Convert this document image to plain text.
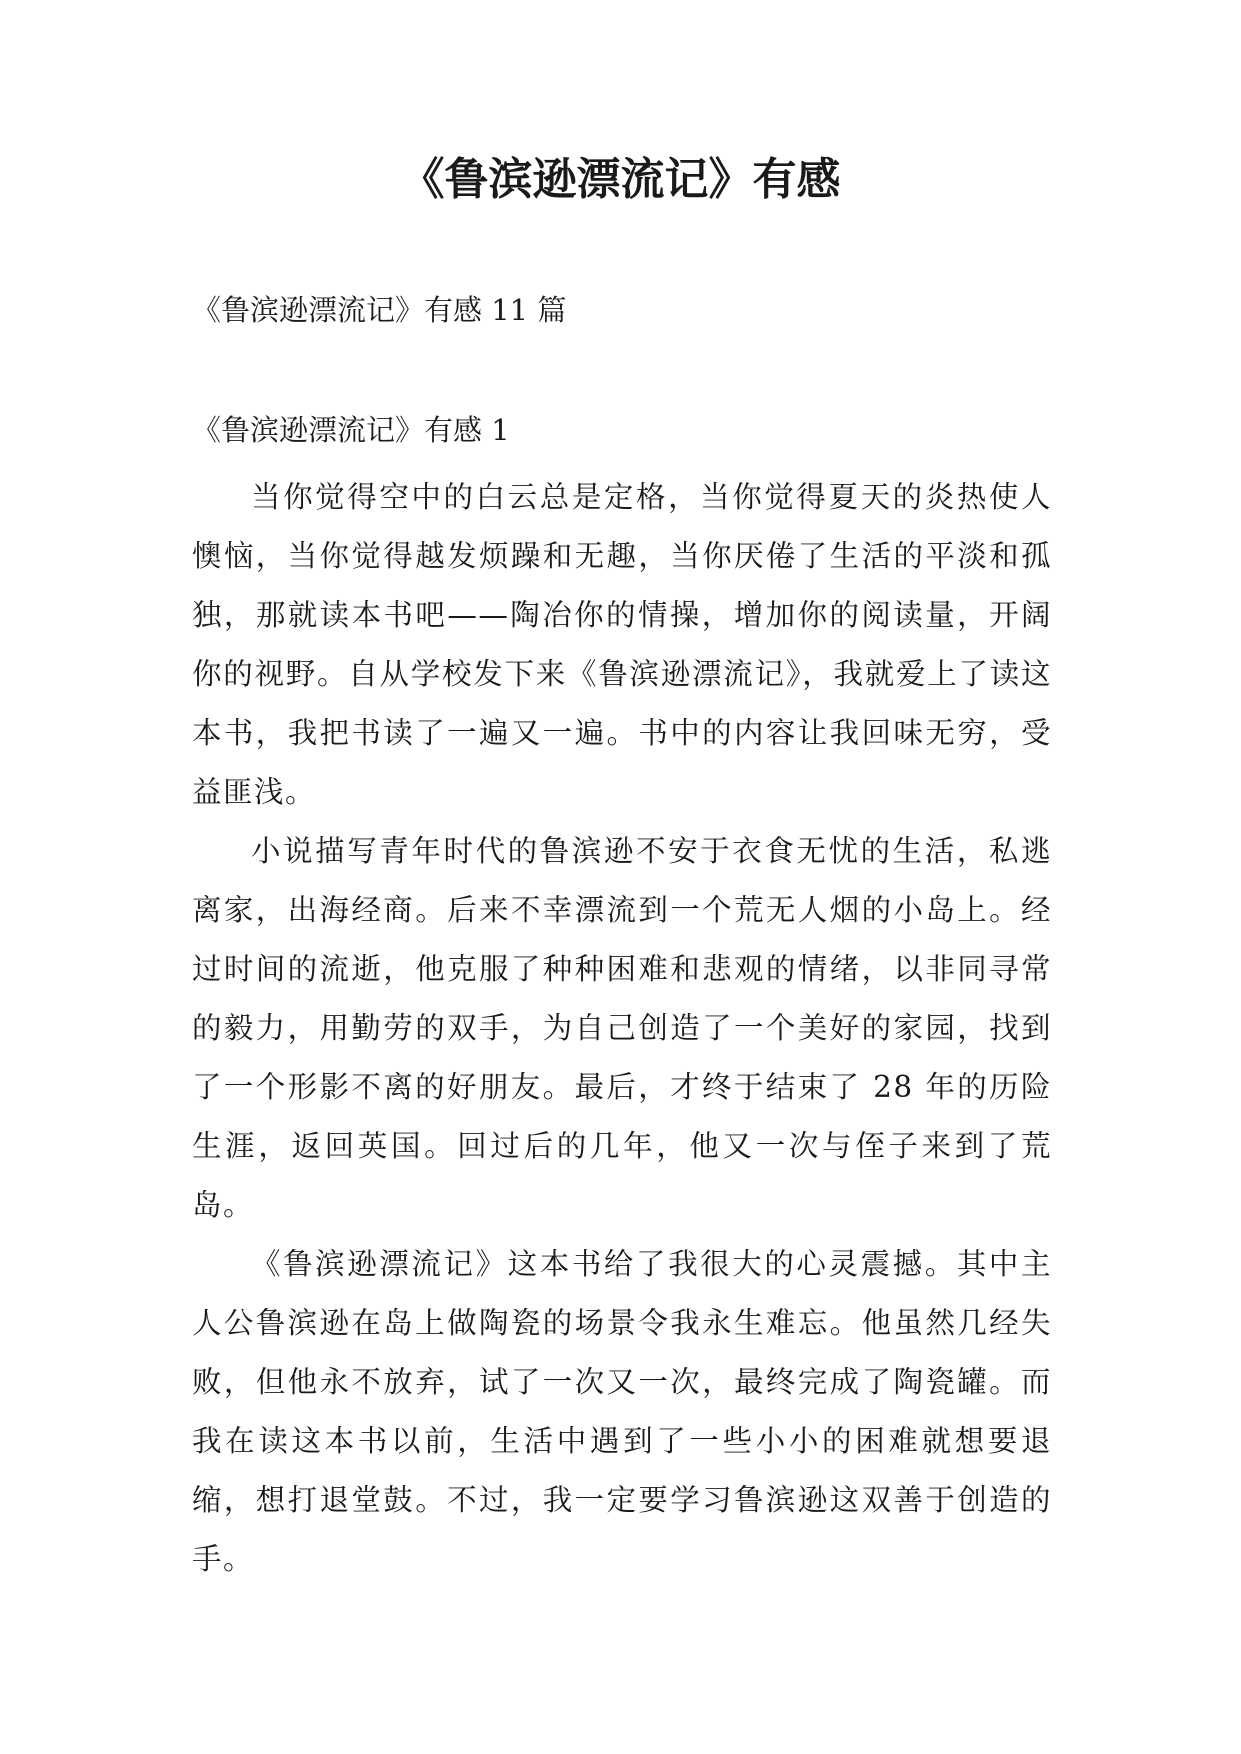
《鲁滨逊漂流记》有感

《鲁滨逊漂流记》有感 11 篇

《鲁滨逊漂流记》有感 1

当你觉得空中的白云总是定格，当你觉得夏天的炎热使人懊恼，当你觉得越发烦躁和无趣，当你厌倦了生活的平淡和孤独，那就读本书吧——陶冶你的情操，增加你的阅读量，开阔你的视野。自从学校发下来《鲁滨逊漂流记》，我就爱上了读这本书，我把书读了一遍又一遍。书中的内容让我回味无穷，受益匪浅。

小说描写青年时代的鲁滨逊不安于衣食无忧的生活，私逃离家，出海经商。后来不幸漂流到一个荒无人烟的小岛上。经过时间的流逝，他克服了种种困难和悲观的情绪，以非同寻常的毅力，用勤劳的双手，为自己创造了一个美好的家园，找到了一个形影不离的好朋友。最后，才终于结束了 28 年的历险生涯，返回英国。回过后的几年，他又一次与侄子来到了荒岛。

《鲁滨逊漂流记》这本书给了我很大的心灵震撼。其中主人公鲁滨逊在岛上做陶瓷的场景令我永生难忘。他虽然几经失败，但他永不放弃，试了一次又一次，最终完成了陶瓷罐。而我在读这本书以前，生活中遇到了一些小小的困难就想要退缩，想打退堂鼓。不过，我一定要学习鲁滨逊这双善于创造的手。
